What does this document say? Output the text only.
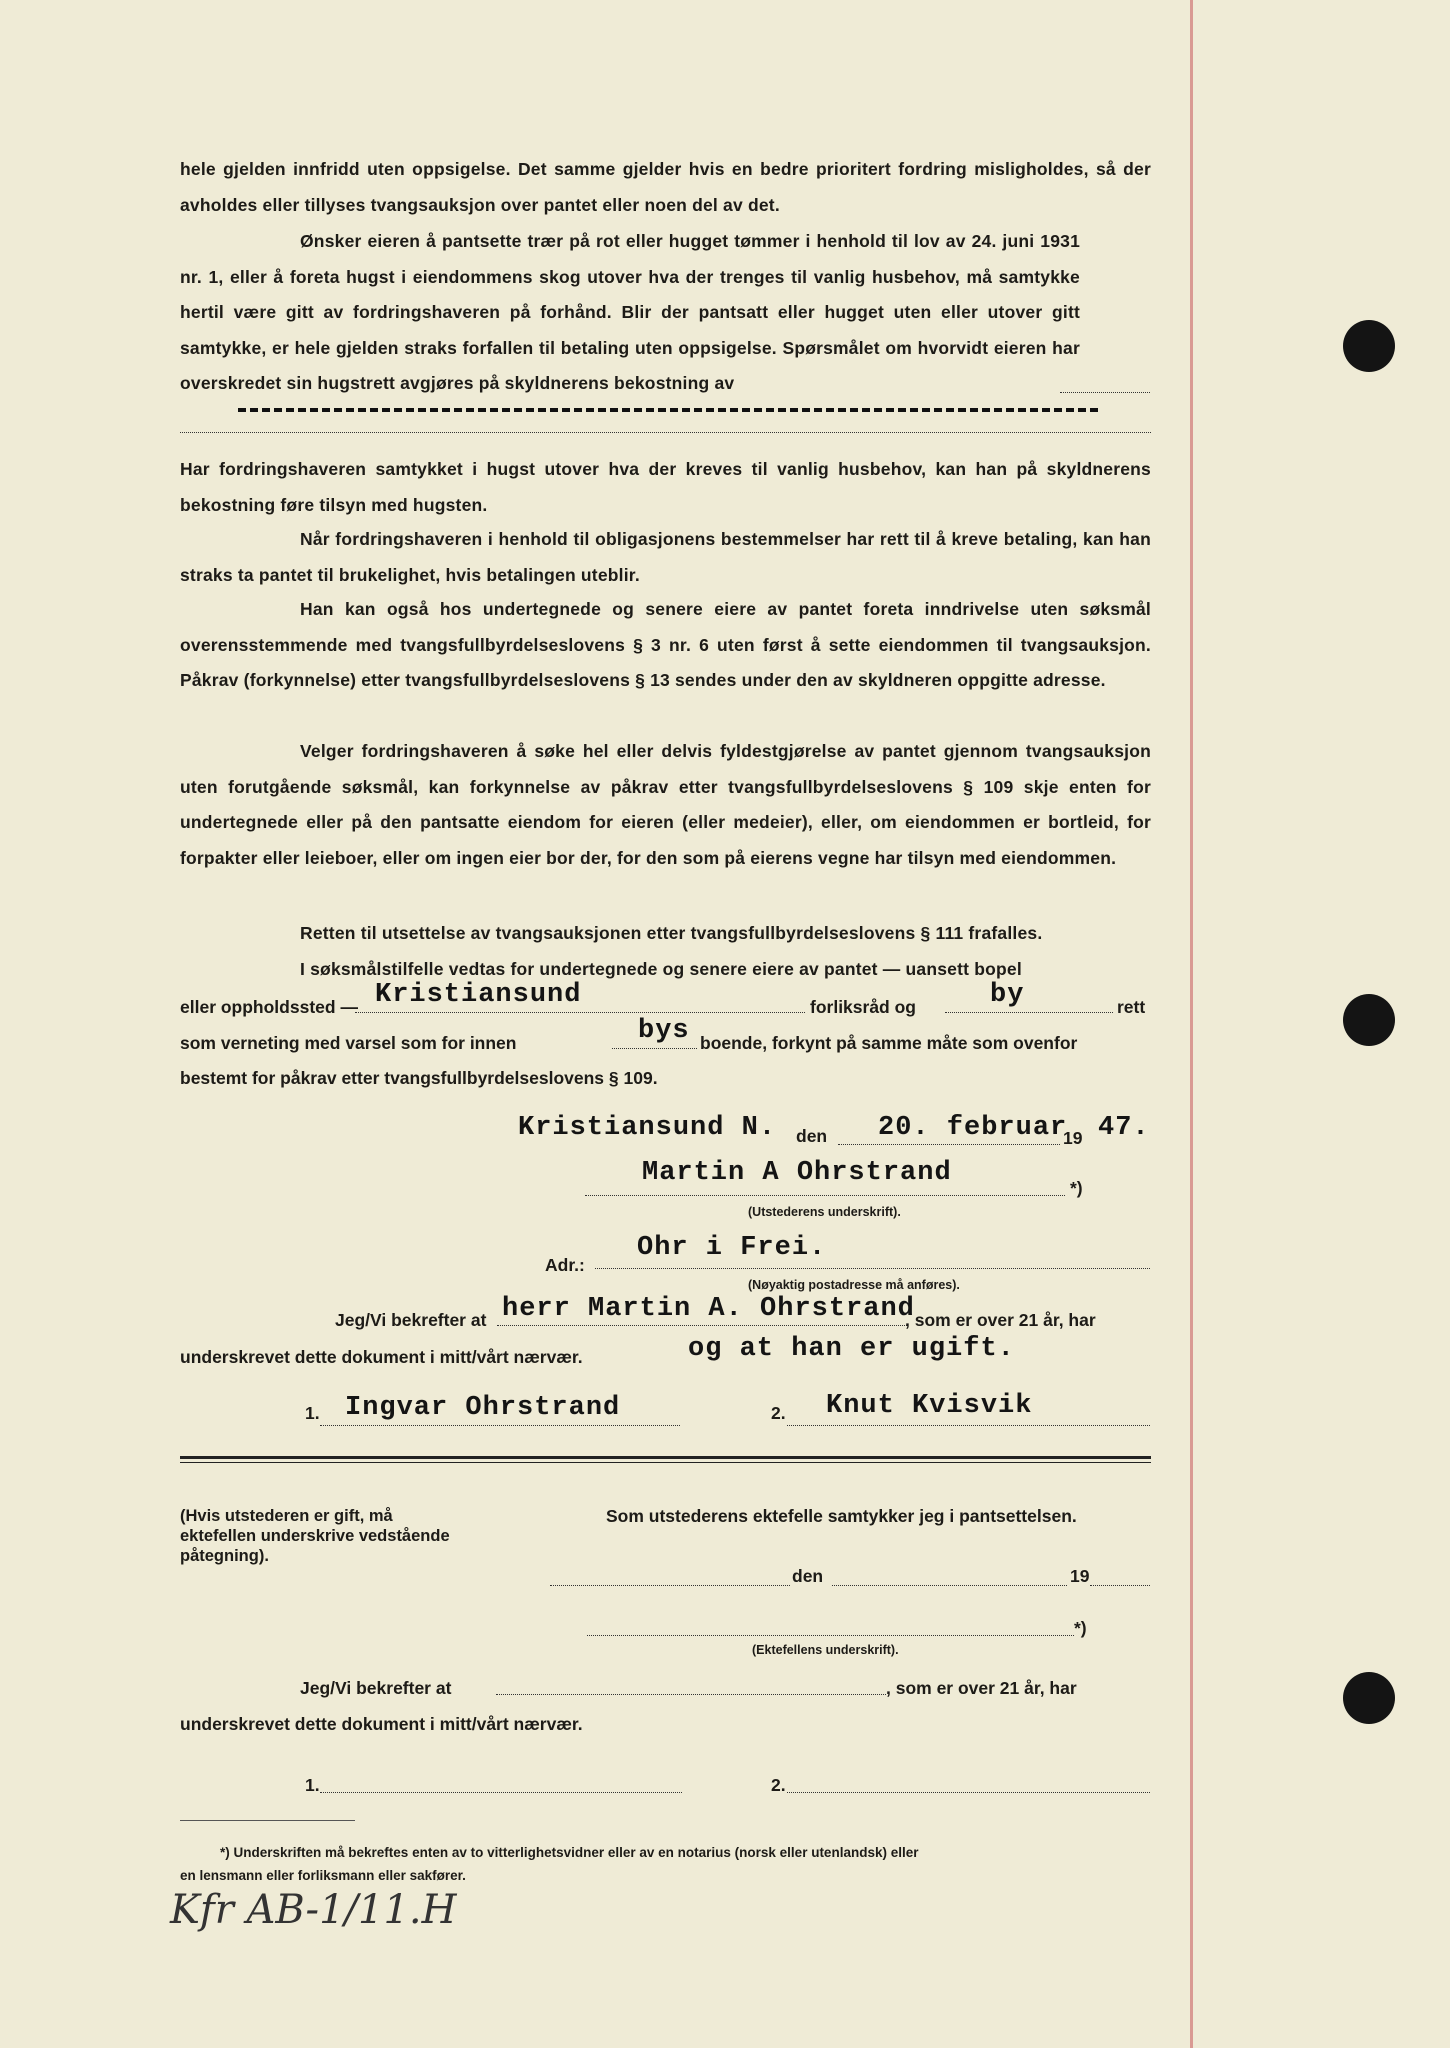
hele gjelden innfridd uten oppsigelse. Det samme gjelder hvis en bedre prioritert fordring misligholdes, så der avholdes eller tillyses tvangsauksjon over pantet eller noen del av det.

Ønsker eieren å pantsette trær på rot eller hugget tømmer i henhold til lov av 24. juni 1931 nr. 1, eller å foreta hugst i eiendommens skog utover hva der trenges til vanlig husbehov, må samtykke hertil være gitt av fordringshaveren på forhånd. Blir der pantsatt eller hugget uten eller utover gitt samtykke, er hele gjelden straks forfallen til betaling uten oppsigelse. Spørsmålet om hvorvidt eieren har overskredet sin hugstrett avgjøres på skyldnerens bekostning av

Har fordringshaveren samtykket i hugst utover hva der kreves til vanlig husbehov, kan han på skyldnerens bekostning føre tilsyn med hugsten.

Når fordringshaveren i henhold til obligasjonens bestemmelser har rett til å kreve betaling, kan han straks ta pantet til brukelighet, hvis betalingen uteblir.

Han kan også hos undertegnede og senere eiere av pantet foreta inndrivelse uten søksmål overensstemmende med tvangsfullbyrdelseslovens § 3 nr. 6 uten først å sette eiendommen til tvangsauksjon. Påkrav (forkynnelse) etter tvangsfullbyrdelseslovens § 13 sendes under den av skyldneren oppgitte adresse.

Velger fordringshaveren å søke hel eller delvis fyldestgjørelse av pantet gjennom tvangsauksjon uten forutgående søksmål, kan forkynnelse av påkrav etter tvangsfullbyrdelseslovens § 109 skje enten for undertegnede eller på den pantsatte eiendom for eieren (eller medeier), eller, om eiendommen er bortleid, for forpakter eller leieboer, eller om ingen eier bor der, for den som på eierens vegne har tilsyn med eiendommen.

Retten til utsettelse av tvangsauksjonen etter tvangsfullbyrdelseslovens § 111 frafalles.

I søksmålstilfelle vedtas for undertegnede og senere eiere av pantet — uansett bopel

eller oppholdssted — Kristiansund	forliksråd og	by	rett
som verneting med varsel som for innen	bys boende, forkynt på samme måte som ovenfor
bestemt for påkrav etter tvangsfullbyrdelseslovens § 109.
Kristiansund N. den 20. februar
19 47.
Martin A Ohrstrand	*)
(Utstederens underskrift).
Adr.:
Ohr i Frei.
(Nøyaktig postadresse må anføres).
Jeg/Vi bekrefter at herr Martin A. Ohrstrand
, som er over 21 år, har
underskrevet dette dokument i mitt/vårt nærvær.	og at han er ugift.
1. Ingvar Ohrstrand	2. Knut Kvisvik
(Hvis utstederen er gift, må ektefellen underskrive vedstående påtegning).
Som utstederens ektefelle samtykker jeg i pantsettelsen.
den	19
*)
(Ektefellens underskrift).
Jeg/Vi bekrefter at	, som er over 21 år, har
underskrevet dette dokument i mitt/vårt nærvær.
1.	2.
*) Underskriften må bekreftes enten av to vitterlighetsvidner eller av en notarius (norsk eller utenlandsk) eller
en lensmann eller forliksmann eller sakfører.
Kfr AB-1/11.H
